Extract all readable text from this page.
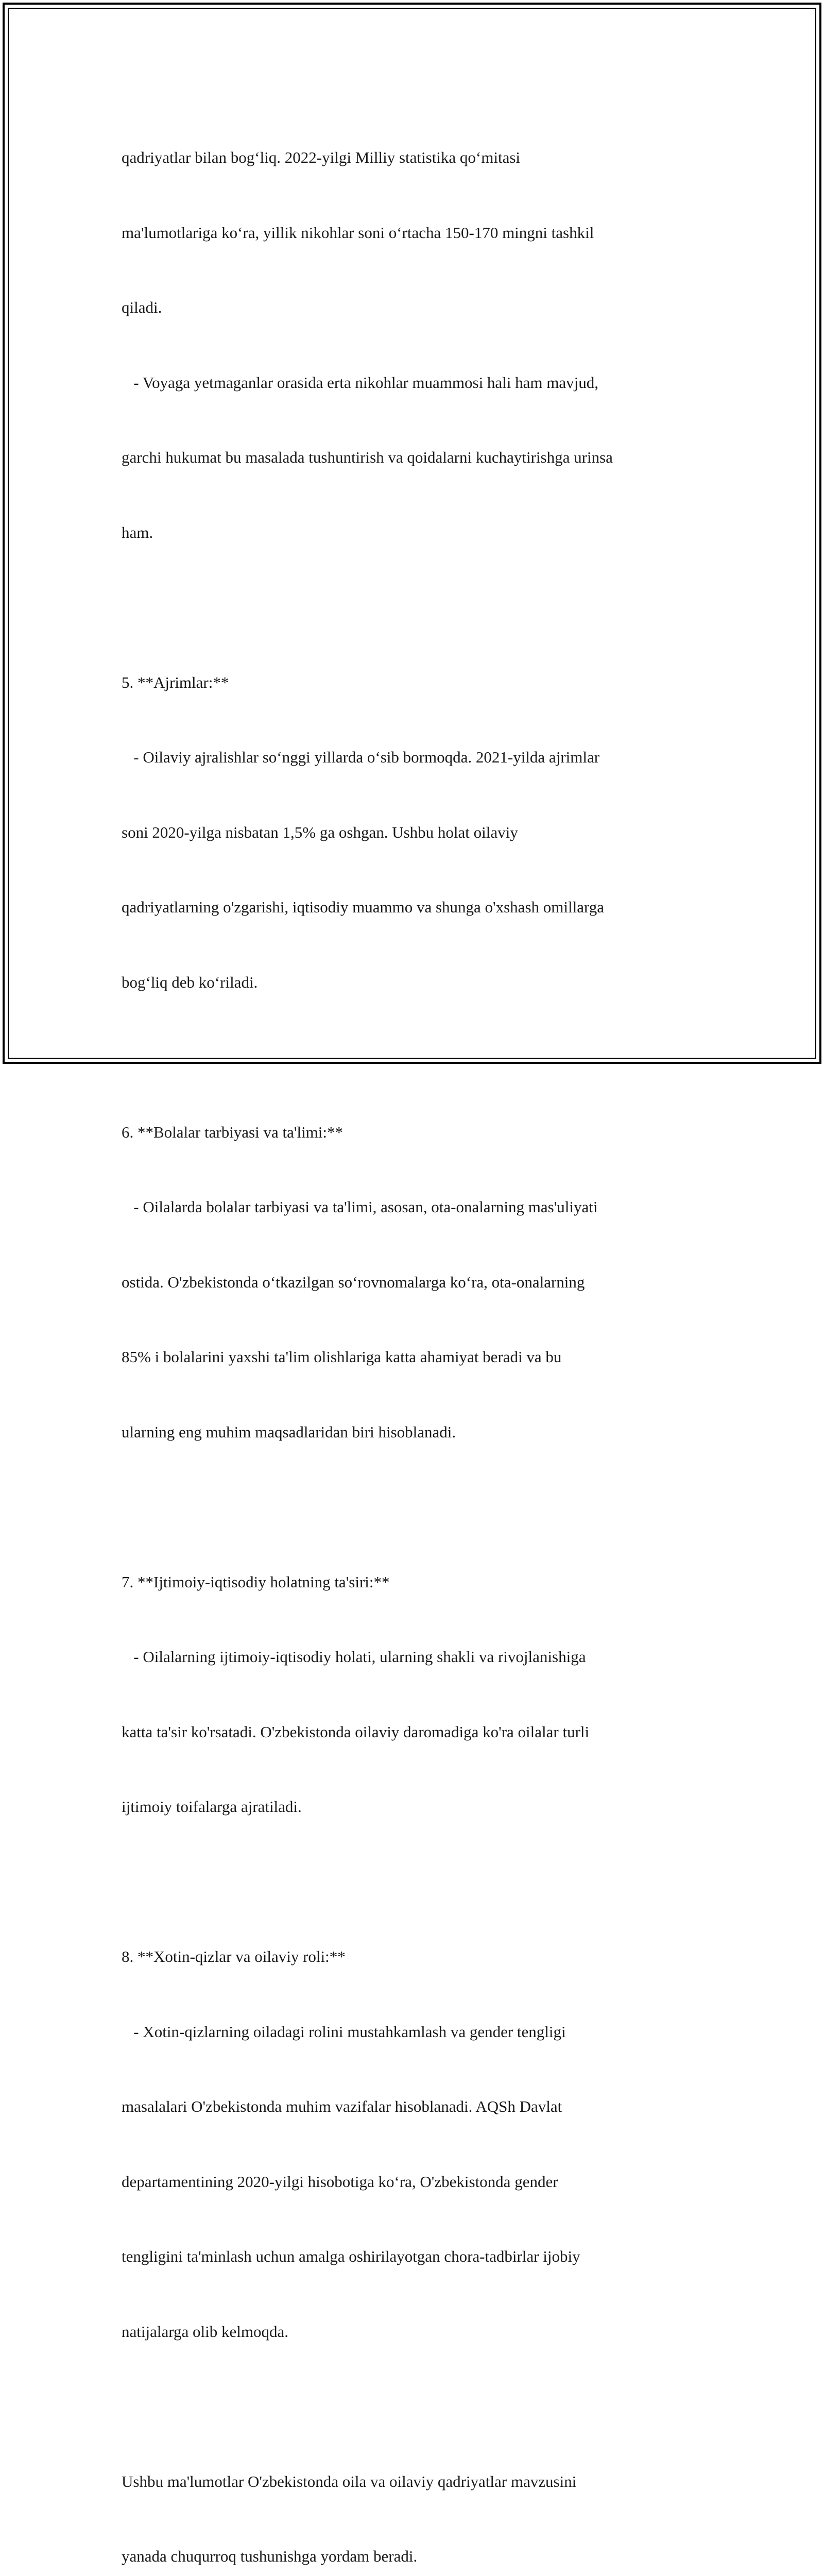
qadriyatlar bilan bog‘liq. 2022-yilgi Milliy statistika qo‘mitasi

ma'lumotlariga ko‘ra, yillik nikohlar soni o‘rtacha 150-170 mingni tashkil

qiladi.

- Voyaga yetmaganlar orasida erta nikohlar muammosi hali ham mavjud,

garchi hukumat bu masalada tushuntirish va qoidalarni kuchaytirishga urinsa

ham.

5. **Ajrimlar:**

- Oilaviy ajralishlar so‘nggi yillarda o‘sib bormoqda. 2021-yilda ajrimlar

soni 2020-yilga nisbatan 1,5% ga oshgan. Ushbu holat oilaviy

qadriyatlarning o'zgarishi, iqtisodiy muammo va shunga o'xshash omillarga

bog‘liq deb ko‘riladi.

6. **Bolalar tarbiyasi va ta'limi:**

- Oilalarda bolalar tarbiyasi va ta'limi, asosan, ota-onalarning mas'uliyati

ostida. O'zbekistonda o‘tkazilgan so‘rovnomalarga ko‘ra, ota-onalarning

85% i bolalarini yaxshi ta'lim olishlariga katta ahamiyat beradi va bu

ularning eng muhim maqsadlaridan biri hisoblanadi.

7. **Ijtimoiy-iqtisodiy holatning ta'siri:**

- Oilalarning ijtimoiy-iqtisodiy holati, ularning shakli va rivojlanishiga

katta ta'sir ko'rsatadi. O'zbekistonda oilaviy daromadiga ko'ra oilalar turli

ijtimoiy toifalarga ajratiladi.

8. **Xotin-qizlar va oilaviy roli:**

- Xotin-qizlarning oiladagi rolini mustahkamlash va gender tengligi

masalalari O'zbekistonda muhim vazifalar hisoblanadi. AQSh Davlat

departamentining 2020-yilgi hisobotiga ko‘ra, O'zbekistonda gender

tengligini ta'minlash uchun amalga oshirilayotgan chora-tadbirlar ijobiy

natijalarga olib kelmoqda.

Ushbu ma'lumotlar O'zbekistonda oila va oilaviy qadriyatlar mavzusini

yanada chuqurroq tushunishga yordam beradi.
